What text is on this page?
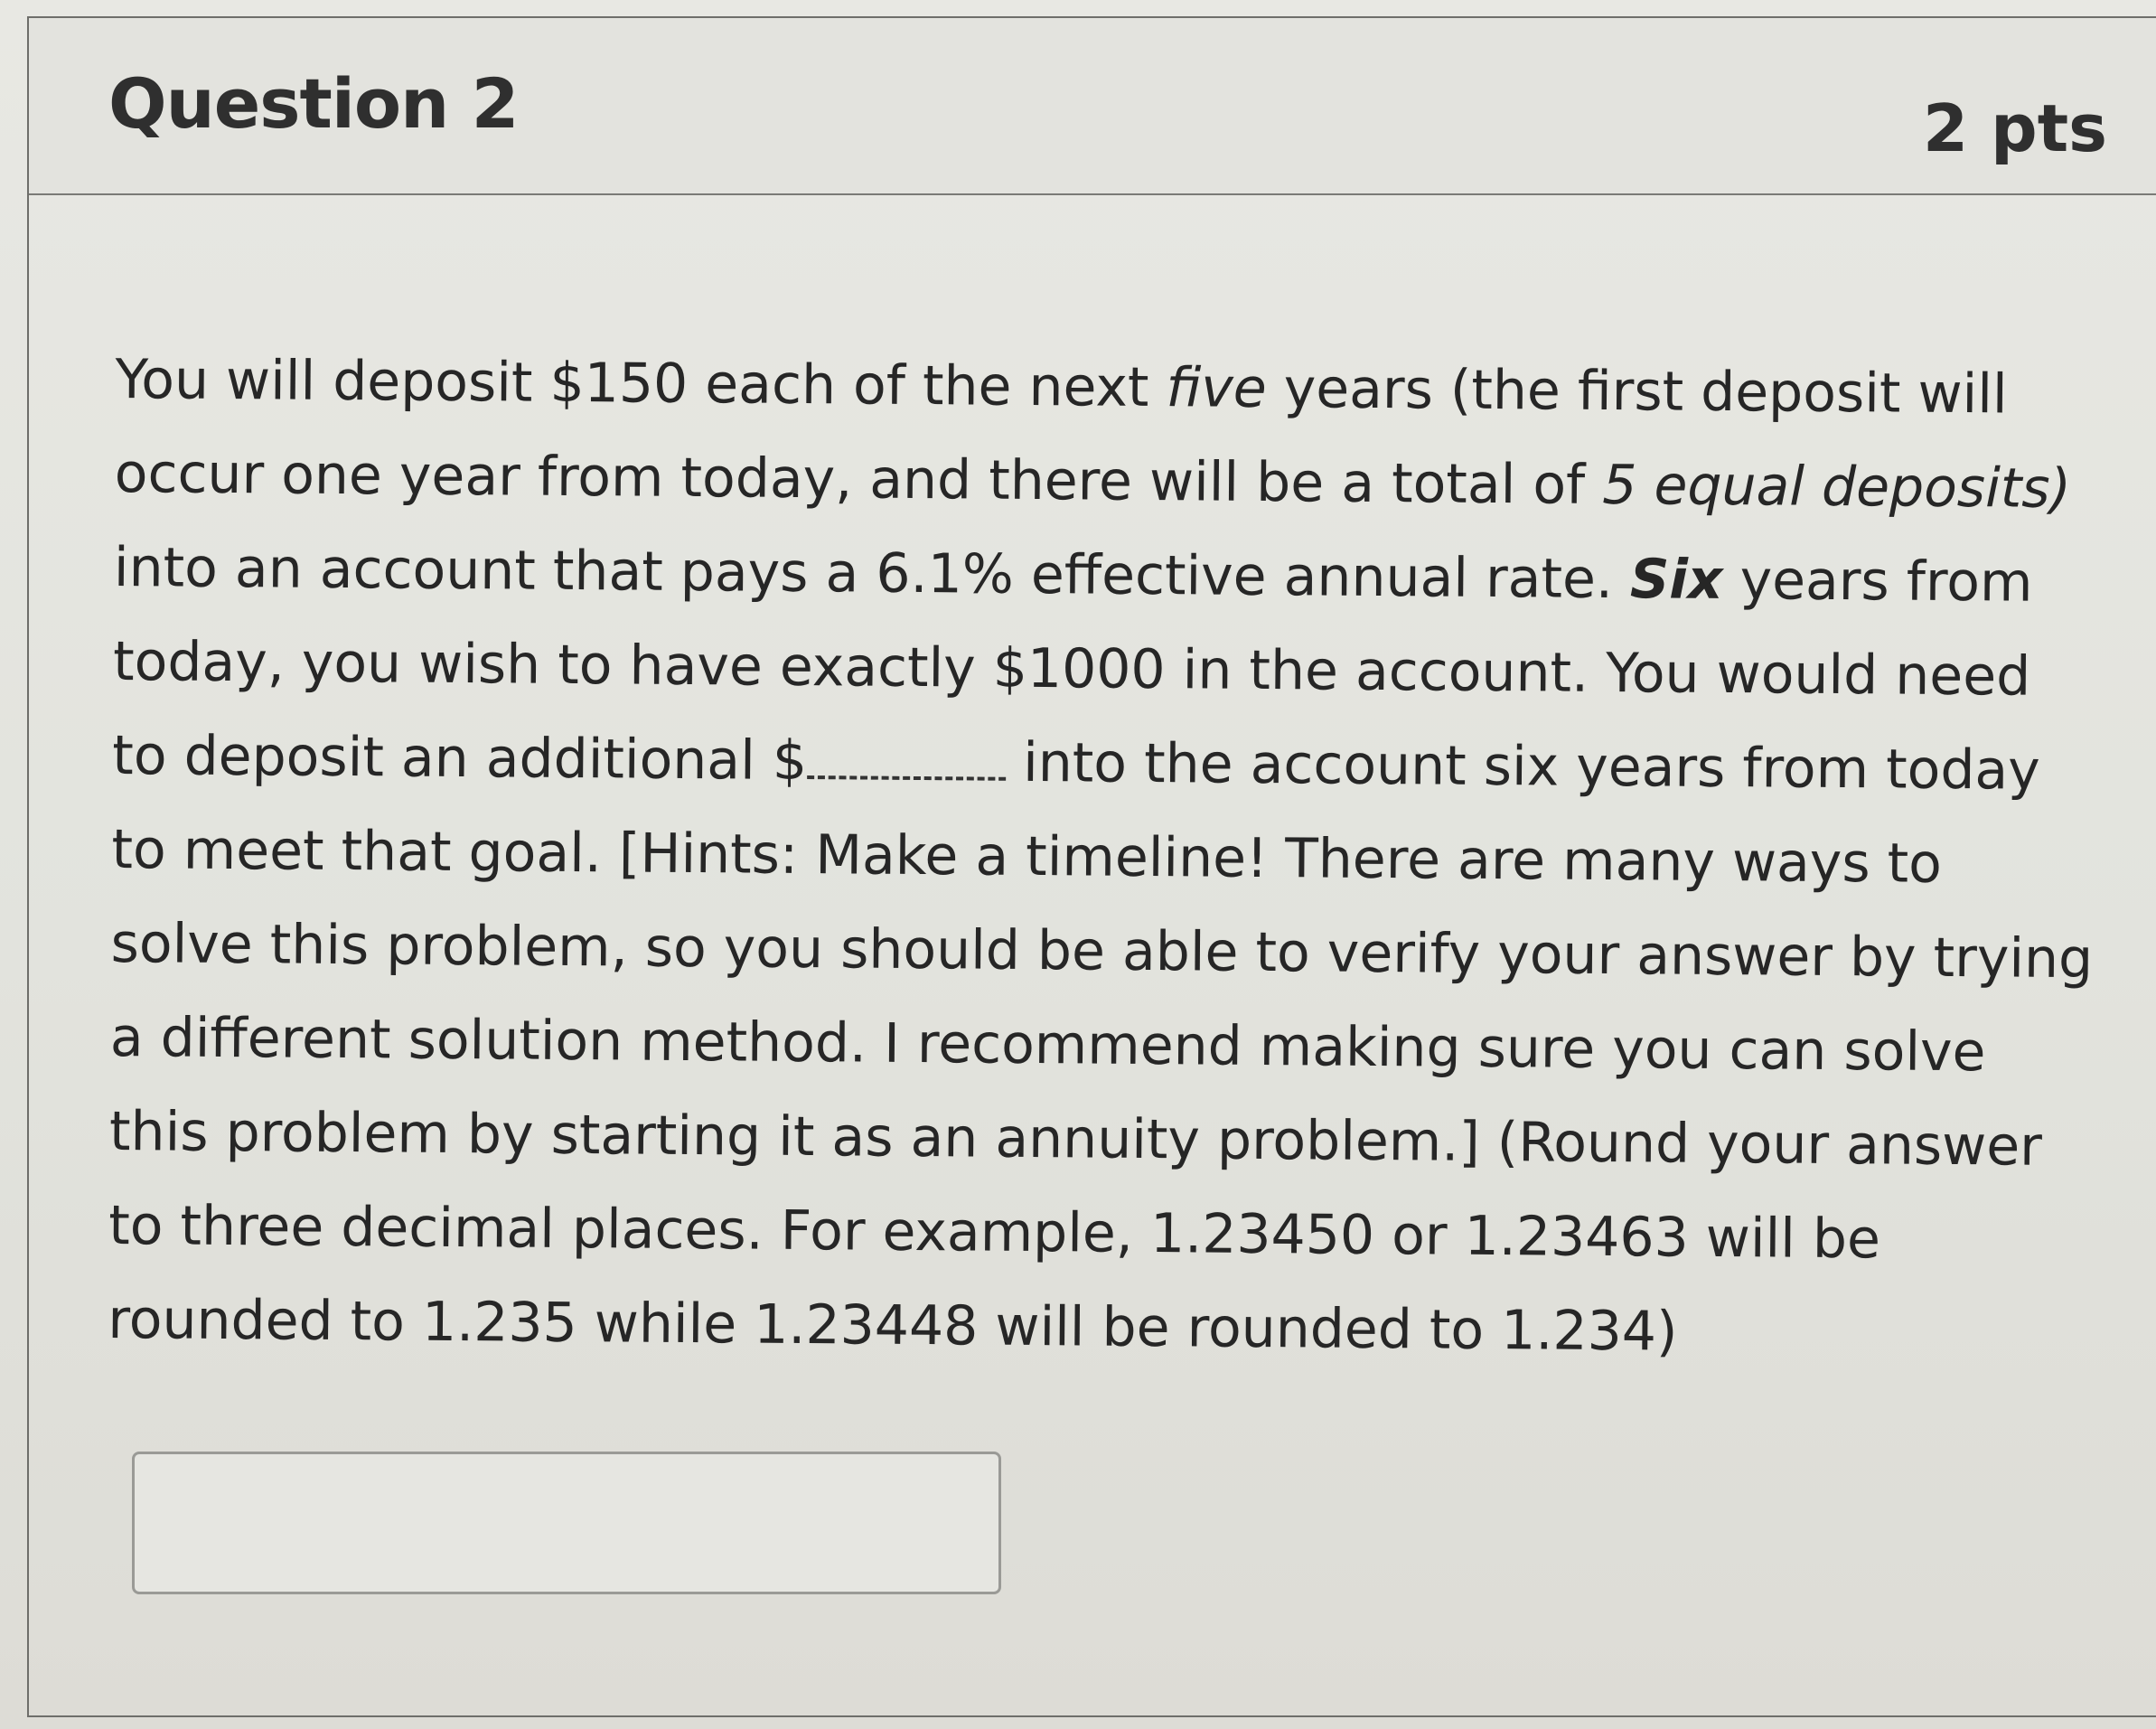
Question 2	2 pts

You will deposit $150 each of the next five years (the first deposit will occur one year from today, and there will be a total of 5 equal deposits) into an account that pays a 6.1% effective annual rate. Six years from today, you wish to have exactly $1000 in the account. You would need to deposit an additional $	into the account six years from today to meet that goal. [Hints: Make a timeline! There are many ways to solve this problem, so you should be able to verify your answer by trying a different solution method. I recommend making sure you can solve this problem by starting it as an annuity problem.] (Round your answer to three decimal places. For example, 1.23450 or 1.23463 will be rounded to 1.235 while 1.23448 will be rounded to 1.234)
